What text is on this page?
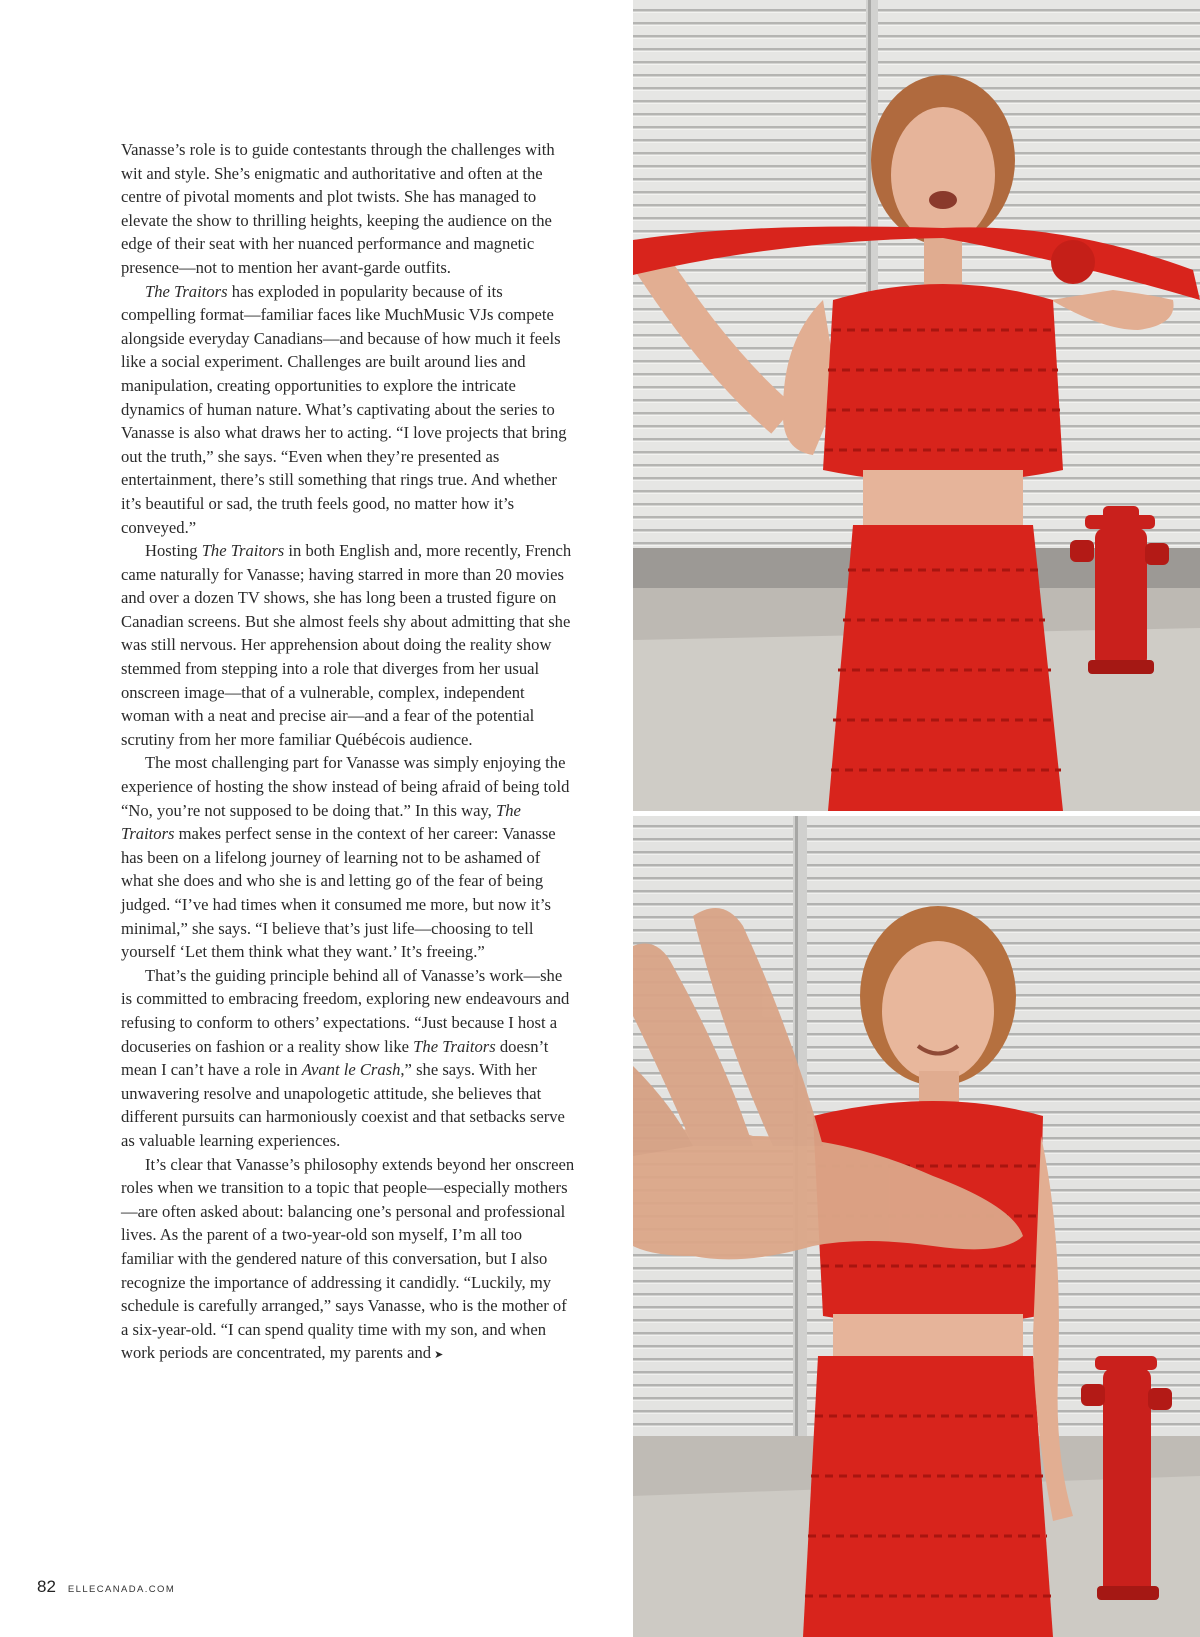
Vanasse’s role is to guide contestants through the challenges with wit and style. She’s enigmatic and authoritative and often at the centre of pivotal moments and plot twists. She has managed to elevate the show to thrilling heights, keeping the audience on the edge of their seat with her nuanced performance and magnetic presence—not to mention her avant-garde outfits.

The Traitors has exploded in popularity because of its compelling format—familiar faces like MuchMusic VJs compete alongside everyday Canadians—and because of how much it feels like a social experiment. Challenges are built around lies and manipulation, creating opportunities to explore the intricate dynamics of human nature. What’s captivating about the series to Vanasse is also what draws her to acting. “I love projects that bring out the truth,” she says. “Even when they’re presented as entertainment, there’s still something that rings true. And whether it’s beautiful or sad, the truth feels good, no matter how it’s conveyed.”

Hosting The Traitors in both English and, more recently, French came naturally for Vanasse; having starred in more than 20 movies and over a dozen TV shows, she has long been a trusted figure on Canadian screens. But she almost feels shy about admitting that she was still nervous. Her apprehension about doing the reality show stemmed from stepping into a role that diverges from her usual onscreen image—that of a vulnerable, complex, independent woman with a neat and precise air—and a fear of the potential scrutiny from her more familiar Québécois audience.

The most challenging part for Vanasse was simply enjoying the experience of hosting the show instead of being afraid of being told “No, you’re not supposed to be doing that.” In this way, The Traitors makes perfect sense in the context of her career: Vanasse has been on a lifelong journey of learning not to be ashamed of what she does and who she is and letting go of the fear of being judged. “I’ve had times when it consumed me more, but now it’s minimal,” she says. “I believe that’s just life—choosing to tell yourself ‘Let them think what they want.’ It’s freeing.”

That’s the guiding principle behind all of Vanasse’s work—she is committed to embracing freedom, exploring new endeavours and refusing to conform to others’ expectations. “Just because I host a docuseries on fashion or a reality show like The Traitors doesn’t mean I can’t have a role in Avant le Crash,” she says. With her unwavering resolve and unapologetic attitude, she believes that different pursuits can harmoniously coexist and that setbacks serve as valuable learning experiences.

It’s clear that Vanasse’s philosophy extends beyond her onscreen roles when we transition to a topic that people—especially mothers—are often asked about: balancing one’s personal and professional lives. As the parent of a two-year-old son myself, I’m all too familiar with the gendered nature of this conversation, but I also recognize the importance of addressing it candidly. “Luckily, my schedule is carefully arranged,” says Vanasse, who is the mother of a six-year-old. “I can spend quality time with my son, and when work periods are concentrated, my parents and ➤

82 ELLECANADA.COM
